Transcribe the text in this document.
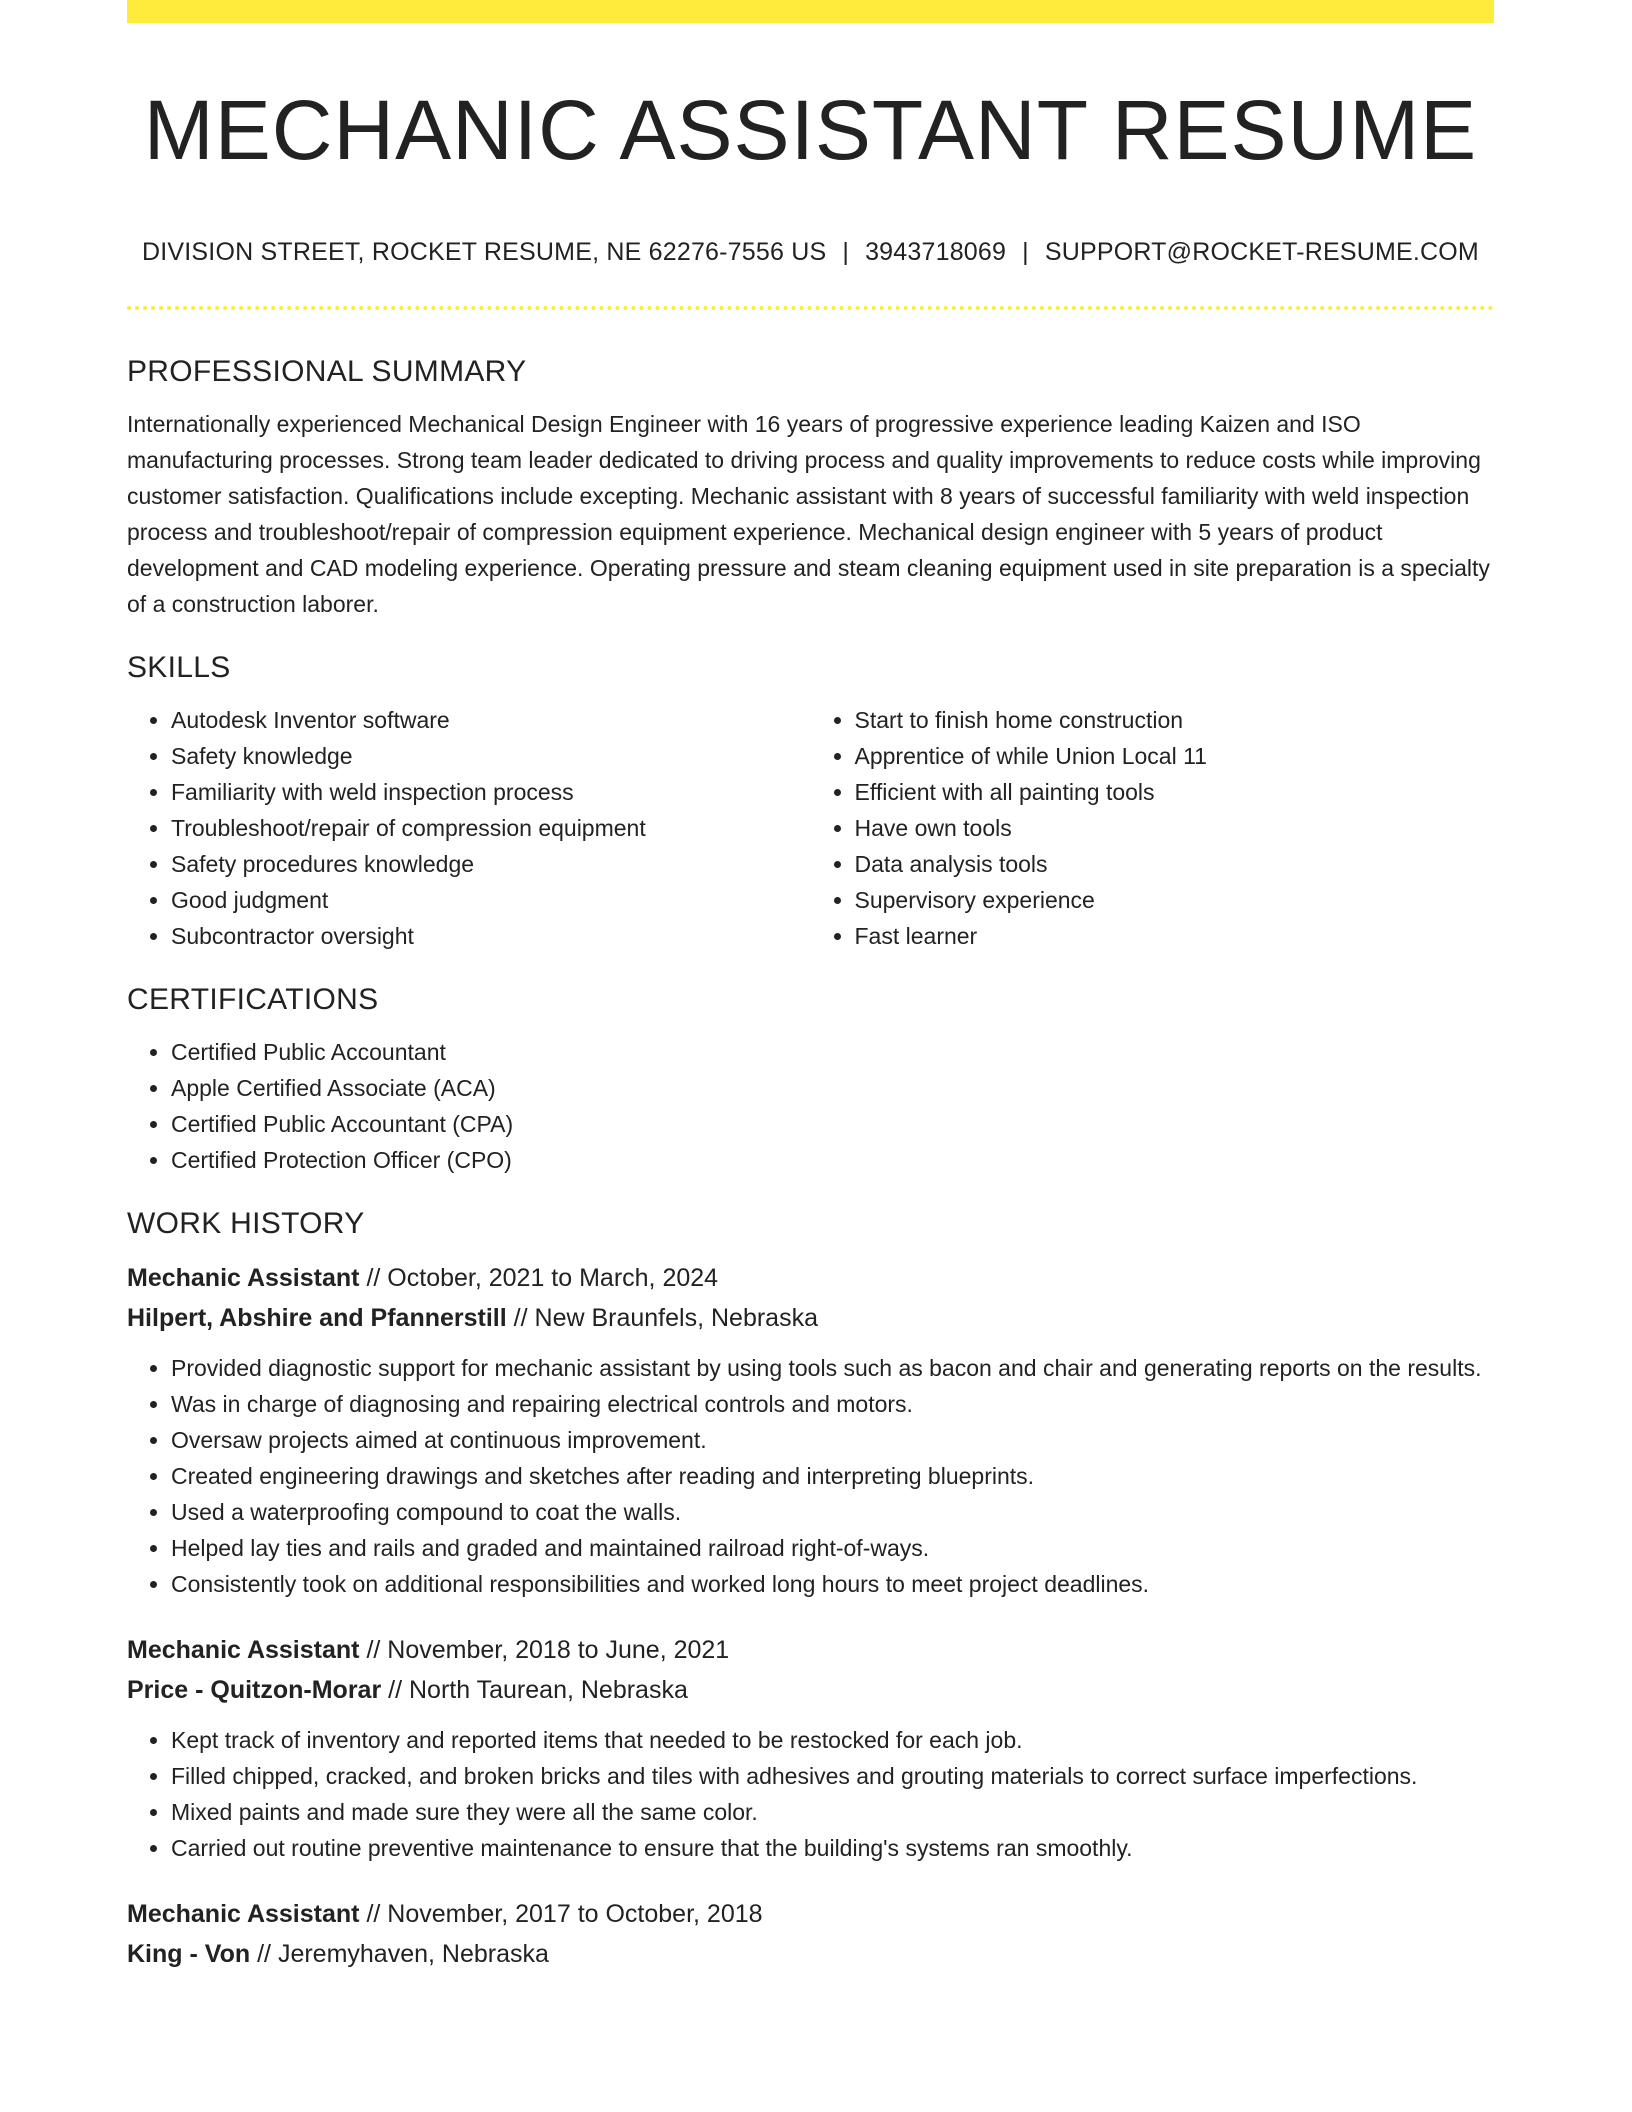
MECHANIC ASSISTANT RESUME
DIVISION STREET, ROCKET RESUME, NE 62276-7556 US | 3943718069 | SUPPORT@ROCKET-RESUME.COM
PROFESSIONAL SUMMARY

Internationally experienced Mechanical Design Engineer with 16 years of progressive experience leading Kaizen and ISO manufacturing processes. Strong team leader dedicated to driving process and quality improvements to reduce costs while improving customer satisfaction. Qualifications include excepting. Mechanic assistant with 8 years of successful familiarity with weld inspection process and troubleshoot/repair of compression equipment experience. Mechanical design engineer with 5 years of product development and CAD modeling experience. Operating pressure and steam cleaning equipment used in site preparation is a specialty of a construction laborer.

SKILLS
• Autodesk Inventor software
• Safety knowledge
• Familiarity with weld inspection process
• Troubleshoot/repair of compression equipment
• Safety procedures knowledge
• Good judgment
• Subcontractor oversight
• Start to finish home construction
• Apprentice of while Union Local 11
• Efficient with all painting tools
• Have own tools
• Data analysis tools
• Supervisory experience
• Fast learner
CERTIFICATIONS
• Certified Public Accountant
• Apple Certified Associate (ACA)
• Certified Public Accountant (CPA)
• Certified Protection Officer (CPO)
WORK HISTORY
Mechanic Assistant // October, 2021 to March, 2024
Hilpert, Abshire and Pfannerstill // New Braunfels, Nebraska
• Provided diagnostic support for mechanic assistant by using tools such as bacon and chair and generating reports on the results.
• Was in charge of diagnosing and repairing electrical controls and motors.
• Oversaw projects aimed at continuous improvement.
• Created engineering drawings and sketches after reading and interpreting blueprints.
• Used a waterproofing compound to coat the walls.
• Helped lay ties and rails and graded and maintained railroad right-of-ways.
• Consistently took on additional responsibilities and worked long hours to meet project deadlines.
Mechanic Assistant // November, 2018 to June, 2021
Price - Quitzon-Morar // North Taurean, Nebraska
• Kept track of inventory and reported items that needed to be restocked for each job.
• Filled chipped, cracked, and broken bricks and tiles with adhesives and grouting materials to correct surface imperfections.
• Mixed paints and made sure they were all the same color.
• Carried out routine preventive maintenance to ensure that the building's systems ran smoothly.
Mechanic Assistant // November, 2017 to October, 2018
King - Von // Jeremyhaven, Nebraska
